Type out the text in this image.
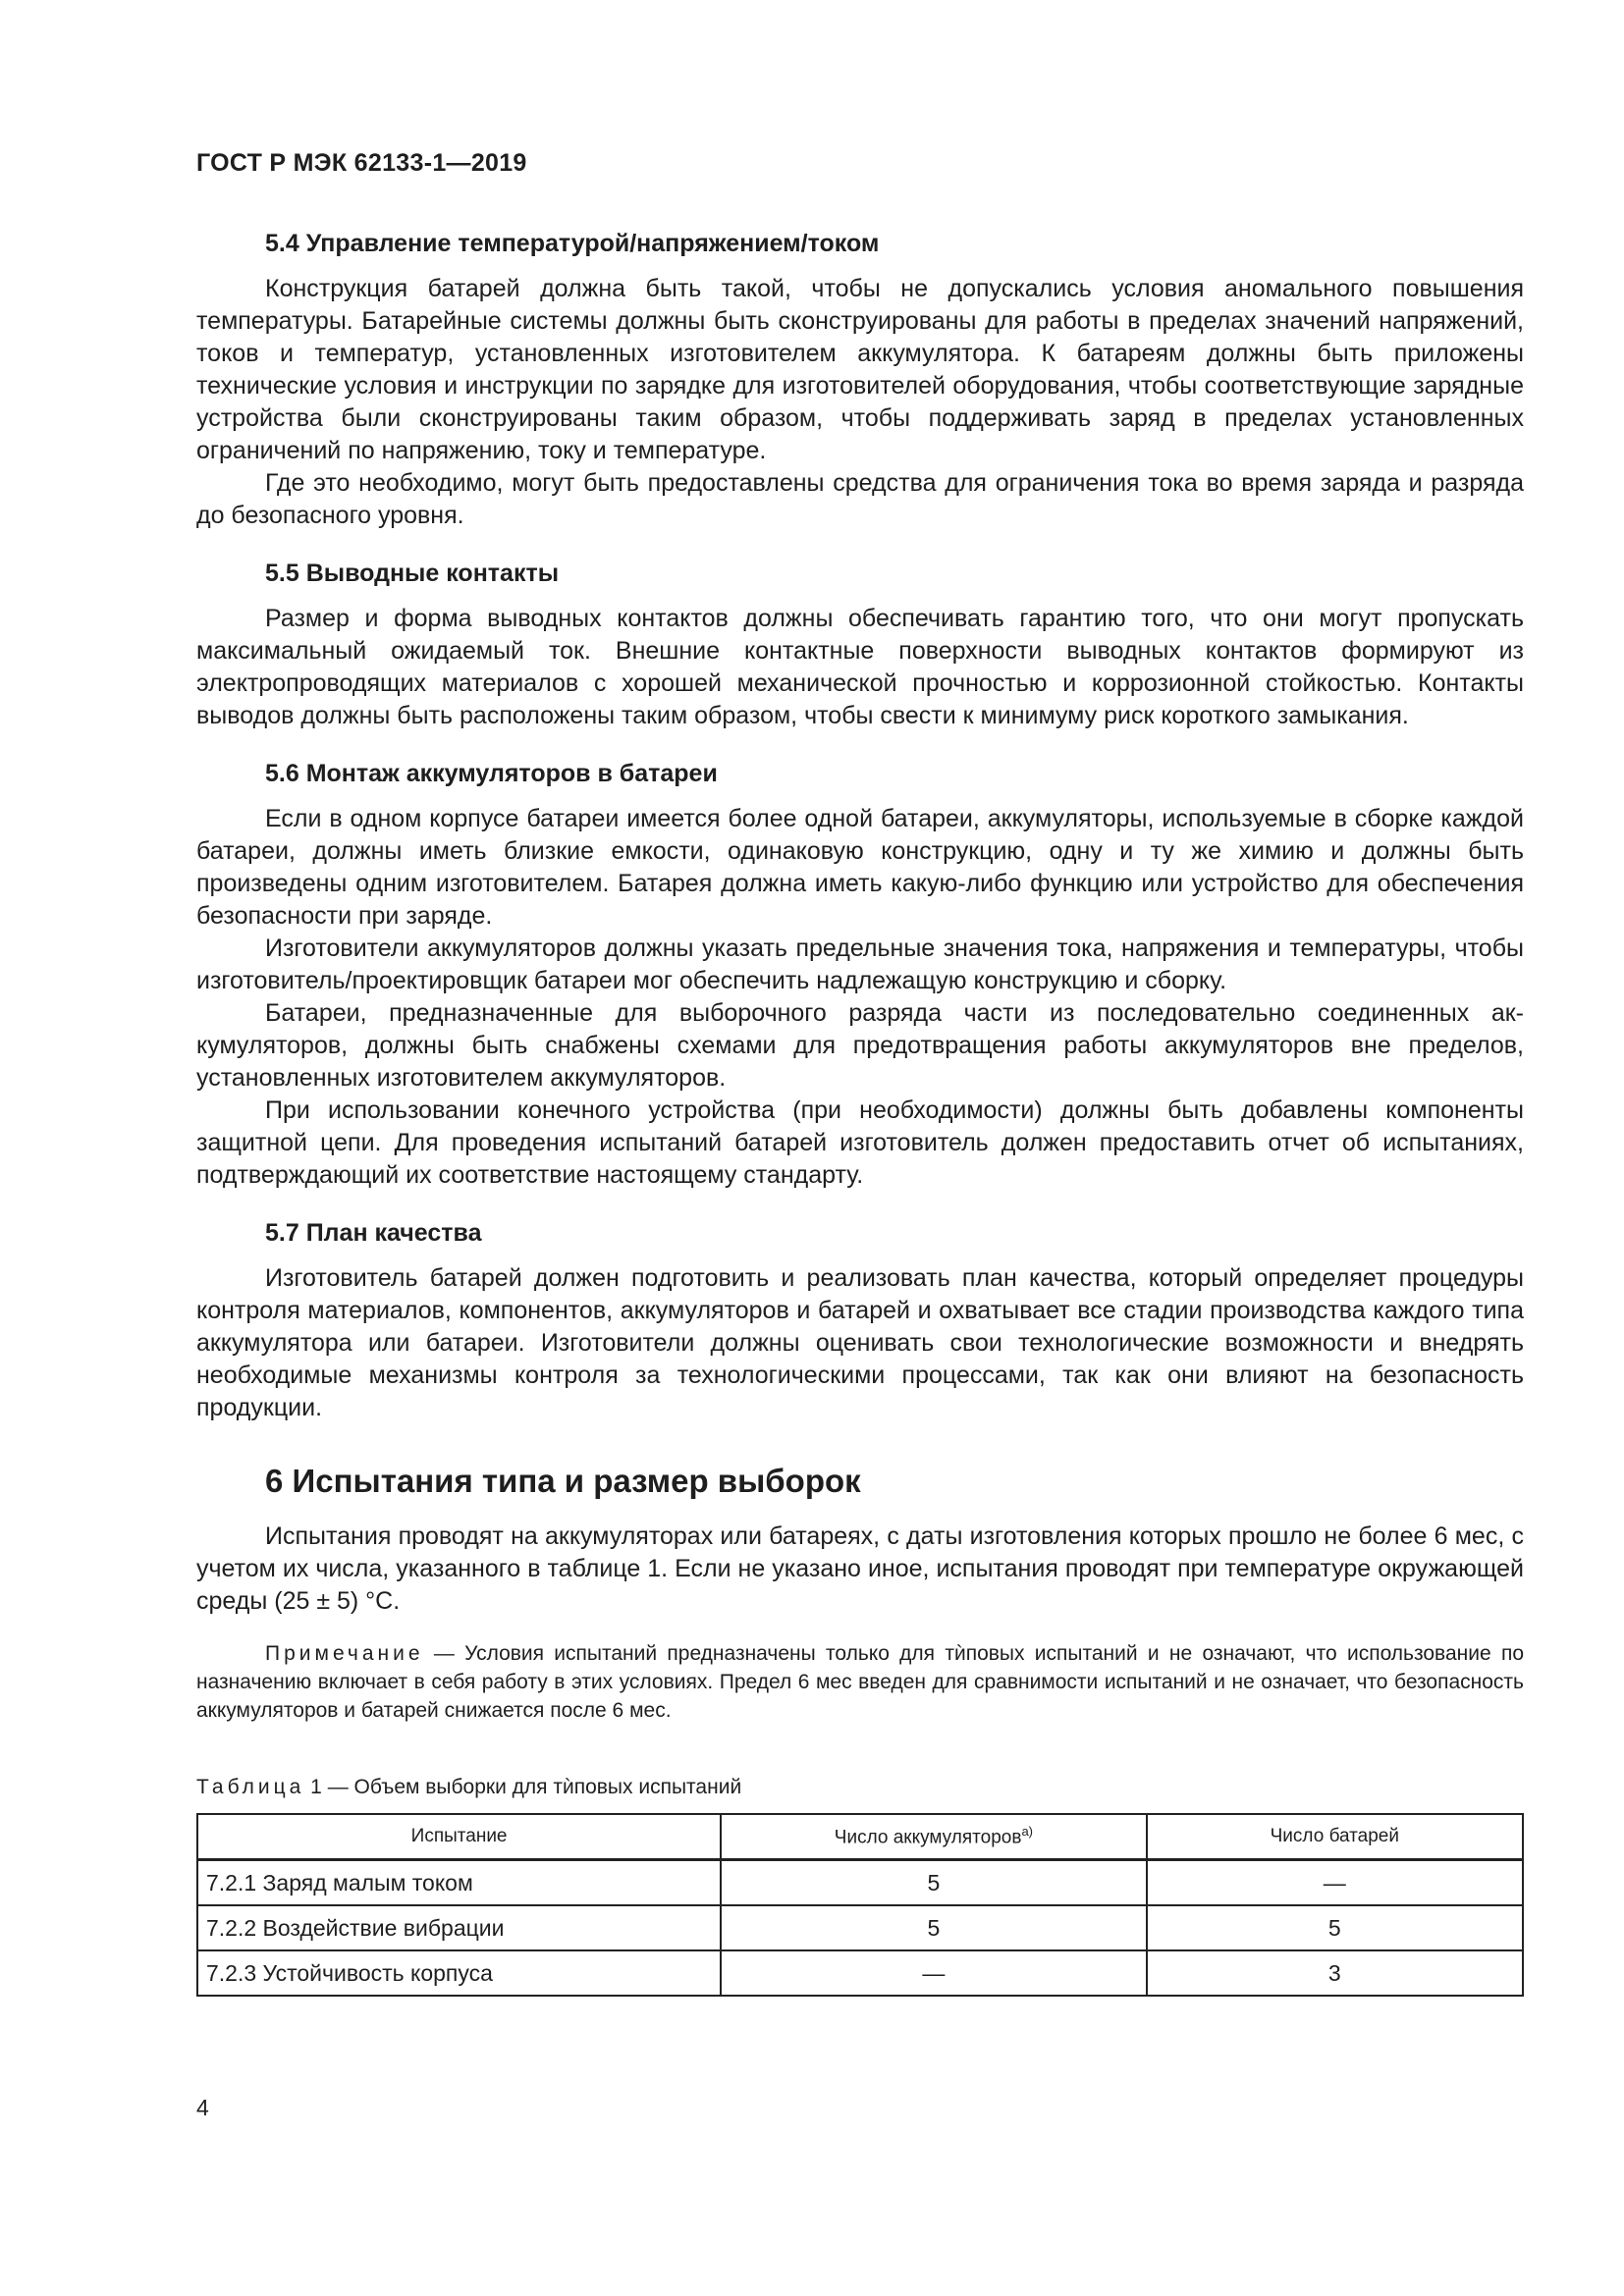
ГОСТ Р МЭК 62133-1—2019
5.4 Управление температурой/напряжением/током

Конструкция батарей должна быть такой, чтобы не допускались условия аномального повышения температуры. Батарейные системы должны быть сконструированы для работы в пределах значений напряжений, токов и температур, установленных изготовителем аккумулятора. К батареям должны быть приложены технические условия и инструкции по зарядке для изготовителей оборудования, чтобы соответствующие зарядные устройства были сконструированы таким образом, чтобы поддерживать заряд в пределах установленных ограничений по напряжению, току и температуре.

Где это необходимо, могут быть предоставлены средства для ограничения тока во время заряда и разряда до безопасного уровня.

5.5 Выводные контакты

Размер и форма выводных контактов должны обеспечивать гарантию того, что они могут пропускать максимальный ожидаемый ток. Внешние контактные поверхности выводных контактов формируют из электропроводящих материалов с хорошей механической прочностью и коррозионной стойкостью. Контакты выводов должны быть расположены таким образом, чтобы свести к минимуму риск короткого замыкания.

5.6 Монтаж аккумуляторов в батареи

Если в одном корпусе батареи имеется более одной батареи, аккумуляторы, используемые в сборке каждой батареи, должны иметь близкие емкости, одинаковую конструкцию, одну и ту же химию и должны быть произведены одним изготовителем. Батарея должна иметь какую-либо функцию или устройство для обеспечения безопасности при заряде.

Изготовители аккумуляторов должны указать предельные значения тока, напряжения и температуры, чтобы изготовитель/проектировщик батареи мог обеспечить надлежащую конструкцию и сборку.

Батареи, предназначенные для выборочного разряда части из последовательно соединенных аккумуляторов, должны быть снабжены схемами для предотвращения работы аккумуляторов вне пределов, установленных изготовителем аккумуляторов.

При использовании конечного устройства (при необходимости) должны быть добавлены компоненты защитной цепи. Для проведения испытаний батарей изготовитель должен предоставить отчет об испытаниях, подтверждающий их соответствие настоящему стандарту.

5.7 План качества

Изготовитель батарей должен подготовить и реализовать план качества, который определяет процедуры контроля материалов, компонентов, аккумуляторов и батарей и охватывает все стадии производства каждого типа аккумулятора или батареи. Изготовители должны оценивать свои технологические возможности и внедрять необходимые механизмы контроля за технологическими процессами, так как они влияют на безопасность продукции.

6 Испытания типа и размер выборок

Испытания проводят на аккумуляторах или батареях, с даты изготовления которых прошло не более 6 мес, с учетом их числа, указанного в таблице 1. Если не указано иное, испытания проводят при температуре окружающей среды (25 ± 5) °C.

Примечание — Условия испытаний предназначены только для тѝповых испытаний и не означают, что использование по назначению включает в себя работу в этих условиях. Предел 6 мес введен для сравнимости испытаний и не означает, что безопасность аккумуляторов и батарей снижается после 6 мес.

Таблица 1 — Объем выборки для тѝповых испытаний
Испытание	Число аккумуляторов$^{а)}$	Число батарей
7.2.1 Заряд малым током	5	—
7.2.2 Воздействие вибрации	5	5
7.2.3 Устойчивость корпуса	—	3
4
